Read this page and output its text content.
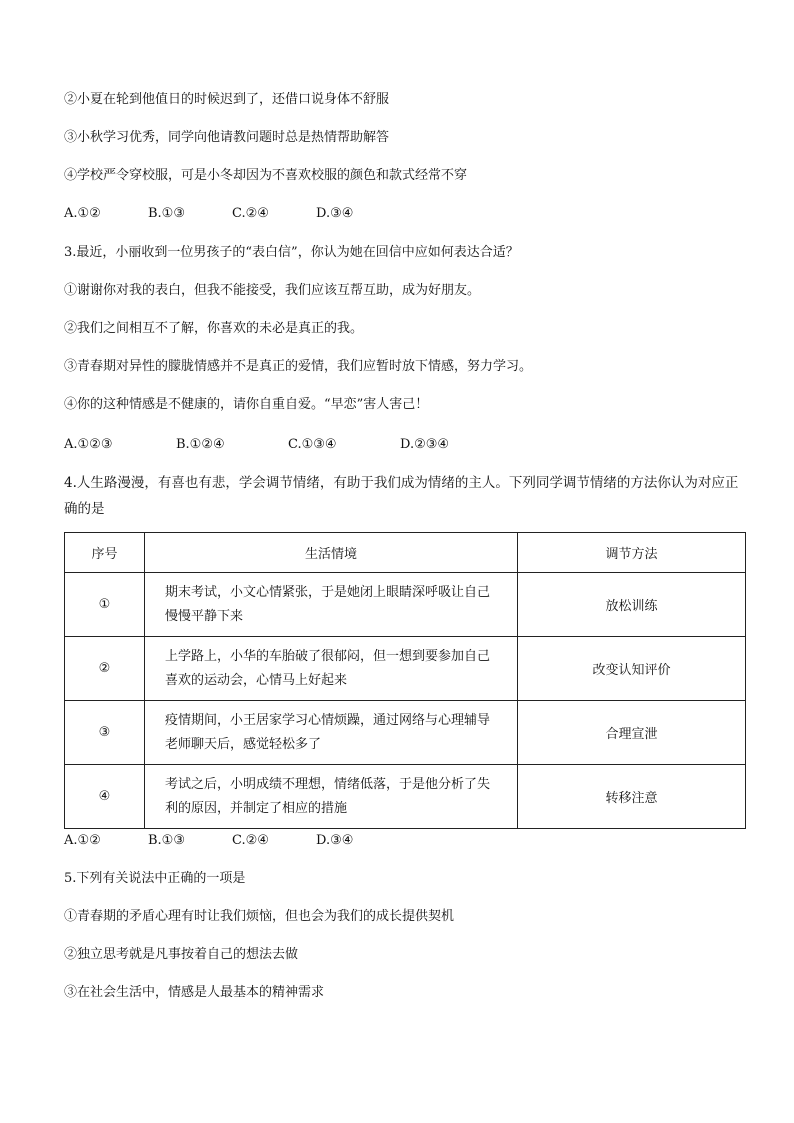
②小夏在轮到他值日的时候迟到了，还借口说身体不舒服
③小秋学习优秀，同学向他请教问题时总是热情帮助解答
④学校严令穿校服，可是小冬却因为不喜欢校服的颜色和款式经常不穿
A.①②	B.①③	C.②④	D.③④
3.最近，小丽收到一位男孩子的“表白信”，你认为她在回信中应如何表达合适？
①谢谢你对我的表白，但我不能接受，我们应该互帮互助，成为好朋友。
②我们之间相互不了解，你喜欢的未必是真正的我。
③青春期对异性的朦胧情感并不是真正的爱情，我们应暂时放下情感，努力学习。
④你的这种情感是不健康的，请你自重自爱。“早恋”害人害己！
A.①②③	B.①②④	C.①③④	D.②③④
4.人生路漫漫，有喜也有悲，学会调节情绪，有助于我们成为情绪的主人。下列同学调节情绪的方法你认为对应正确的是
序号	生活情境	调节方法
①	期末考试，小文心情紧张，于是她闭上眼睛深呼吸让自己
慢慢平静下来	放松训练
②	上学路上，小华的车胎破了很郁闷，但一想到要参加自己
喜欢的运动会，心情马上好起来	改变认知评价
③	疫情期间，小王居家学习心情烦躁，通过网络与心理辅导
老师聊天后，感觉轻松多了	合理宣泄
④	考试之后，小明成绩不理想，情绪低落，于是他分析了失
利的原因，并制定了相应的措施	转移注意
A.①②	B.①③	C.②④	D.③④
5.下列有关说法中正确的一项是
①青春期的矛盾心理有时让我们烦恼，但也会为我们的成长提供契机
②独立思考就是凡事按着自己的想法去做
③在社会生活中，情感是人最基本的精神需求
